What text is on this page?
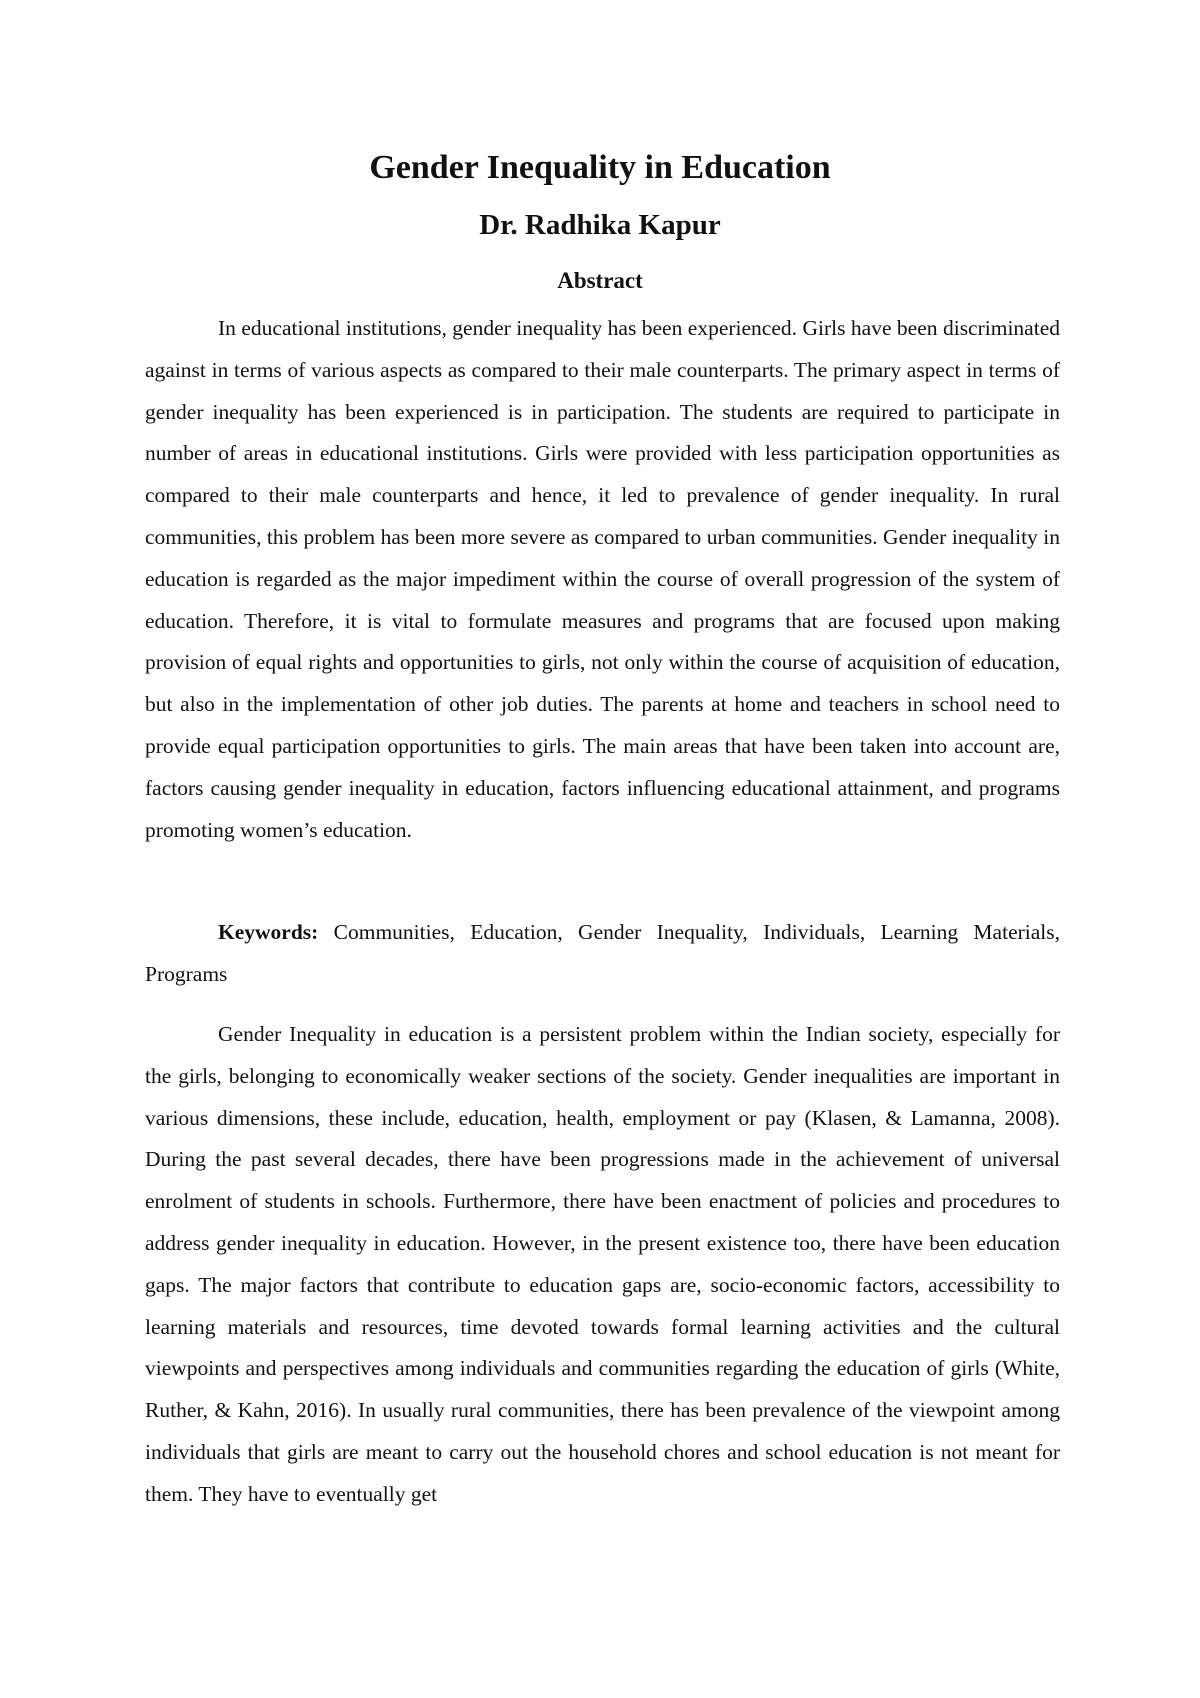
Gender Inequality in Education
Dr. Radhika Kapur
Abstract

In educational institutions, gender inequality has been experienced. Girls have been discriminated against in terms of various aspects as compared to their male counterparts. The primary aspect in terms of gender inequality has been experienced is in participation. The students are required to participate in number of areas in educational institutions. Girls were provided with less participation opportunities as compared to their male counterparts and hence, it led to prevalence of gender inequality. In rural communities, this problem has been more severe as compared to urban communities. Gender inequality in education is regarded as the major impediment within the course of overall progression of the system of education. Therefore, it is vital to formulate measures and programs that are focused upon making provision of equal rights and opportunities to girls, not only within the course of acquisition of education, but also in the implementation of other job duties. The parents at home and teachers in school need to provide equal participation opportunities to girls. The main areas that have been taken into account are, factors causing gender inequality in education, factors influencing educational attainment, and programs promoting women’s education.

Keywords: Communities, Education, Gender Inequality, Individuals, Learning Materials, Programs

Gender Inequality in education is a persistent problem within the Indian society, especially for the girls, belonging to economically weaker sections of the society. Gender inequalities are important in various dimensions, these include, education, health, employment or pay (Klasen, & Lamanna, 2008). During the past several decades, there have been progressions made in the achievement of universal enrolment of students in schools. Furthermore, there have been enactment of policies and procedures to address gender inequality in education. However, in the present existence too, there have been education gaps. The major factors that contribute to education gaps are, socio-economic factors, accessibility to learning materials and resources, time devoted towards formal learning activities and the cultural viewpoints and perspectives among individuals and communities regarding the education of girls (White, Ruther, & Kahn, 2016). In usually rural communities, there has been prevalence of the viewpoint among individuals that girls are meant to carry out the household chores and school education is not meant for them. They have to eventually get
